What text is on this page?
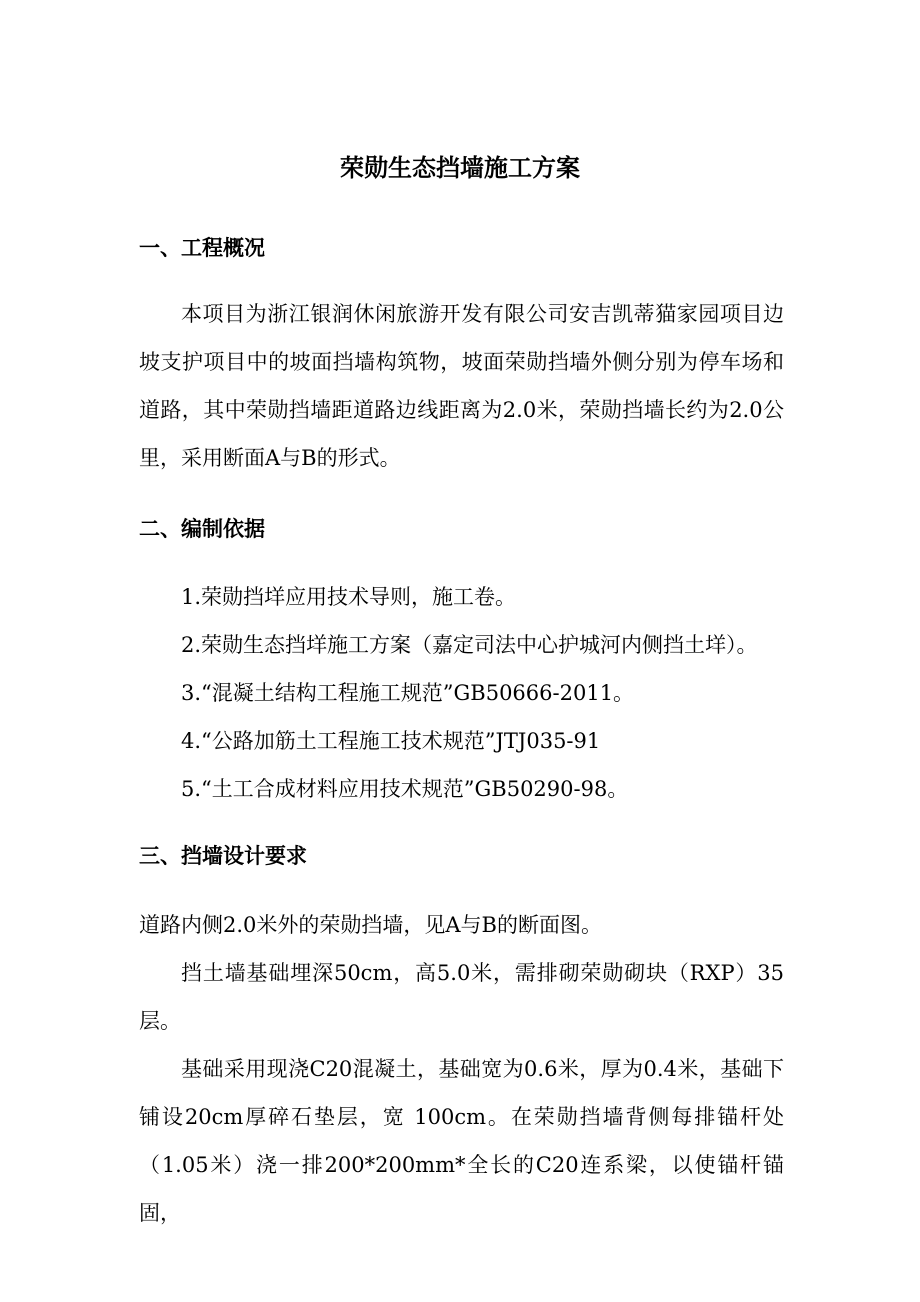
荣勋生态挡墙施工方案
一、工程概况
本项目为浙江银润休闲旅游开发有限公司安吉凯蒂猫家园项目边坡支护项目中的坡面挡墙构筑物，坡面荣勋挡墙外侧分别为停车场和道路，其中荣勋挡墙距道路边线距离为2.0米，荣勋挡墙长约为2.0公里，采用断面A与B的形式。
二、编制依据
1.荣勋挡垟应用技术导则，施工卷。
2.荣勋生态挡垟施工方案（嘉定司法中心护城河内侧挡土垟）。
3.“混凝土结构工程施工规范”GB50666-2011。
4.“公路加筋土工程施工技术规范”JTJ035-91
5.“土工合成材料应用技术规范”GB50290-98。
三、挡墙设计要求
道路内侧2.0米外的荣勋挡墙，见A与B的断面图。
挡土墙基础埋深50cm，高5.0米，需排砌荣勋砌块（RXP）35层。
基础采用现浇C20混凝土，基础宽为0.6米，厚为0.4米，基础下铺设20cm厚碎石垫层，宽 100cm。在荣勋挡墙背侧每排锚杆处（1.05米）浇一排200*200mm*全长的C20连系梁，以使锚杆锚固，
